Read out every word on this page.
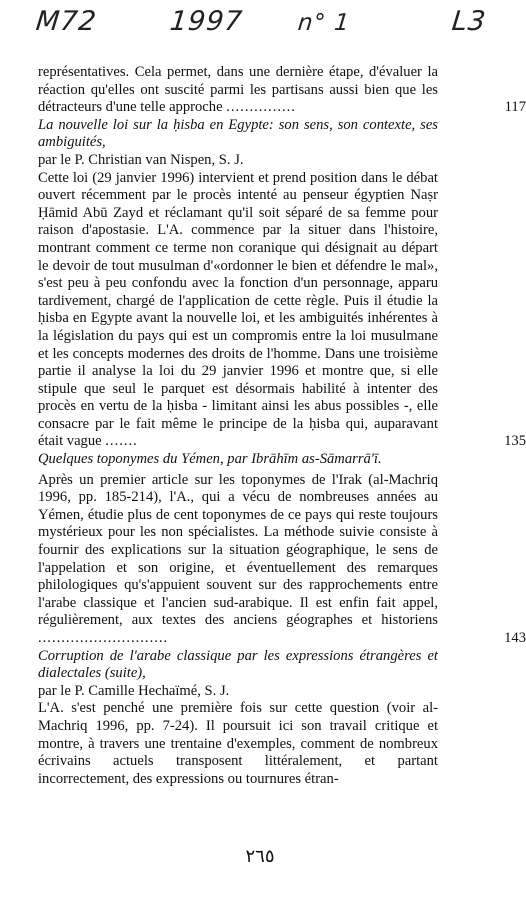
M72	1997 n° 1	L3

représentatives. Cela permet, dans une dernière étape, d'évaluer la réaction qu'elles ont suscité parmi les partisans aussi bien que les détracteurs d'une telle approche ...............	117

La nouvelle loi sur la ḥisba en Egypte: son sens, son contexte, ses ambiguités,

par le P. Christian van Nispen, S. J.

Cette loi (29 janvier 1996) intervient et prend position dans le débat ouvert récemment par le procès intenté au penseur égyptien Naṣr Ḥāmid Abū Zayd et réclamant qu'il soit séparé de sa femme pour raison d'apostasie. L'A. commence par la situer dans l'histoire, montrant comment ce terme non coranique qui désignait au départ le devoir de tout musulman d'«ordonner le bien et défendre le mal», s'est peu à peu confondu avec la fonction d'un personnage, apparu tardivement, chargé de l'application de cette règle. Puis il étudie la ḥisba en Egypte avant la nouvelle loi, et les ambiguités inhérentes à la législation du pays qui est un compromis entre la loi musulmane et les concepts modernes des droits de l'homme. Dans une troisième partie il analyse la loi du 29 janvier 1996 et montre que, si elle stipule que seul le parquet est désormais habilité à intenter des procès en vertu de la ḥisba - limitant ainsi les abus possibles -, elle consacre par le fait même le principe de la ḥisba qui, auparavant était vague .......	135

Quelques toponymes du Yémen, par Ibrāhīm as-Sāmarrā'ī.

Après un premier article sur les toponymes de l'Irak (al-Machriq 1996, pp. 185-214), l'A., qui a vécu de nombreuses années au Yémen, étudie plus de cent toponymes de ce pays qui reste toujours mystérieux pour les non spécialistes. La méthode suivie consiste à fournir des explications sur la situation géographique, le sens de l'appelation et son origine, et éventuellement des remarques philologiques qu's'appuient souvent sur des rapprochements entre l'arabe classique et l'ancien sud-arabique. Il est enfin fait appel, régulièrement, aux textes des anciens géographes et historiens ............................	143

Corruption de l'arabe classique par les expressions étrangères et dialectales (suite),

par le P. Camille Hechaïmé, S. J.

L'A. s'est penché une première fois sur cette question (voir al-Machriq 1996, pp. 7-24). Il poursuit ici son travail critique et montre, à travers une trentaine d'exemples, comment de nombreux écrivains actuels transposent littéralement, et partant incorrectement, des expressions ou tournures étran-

٢٦٥
